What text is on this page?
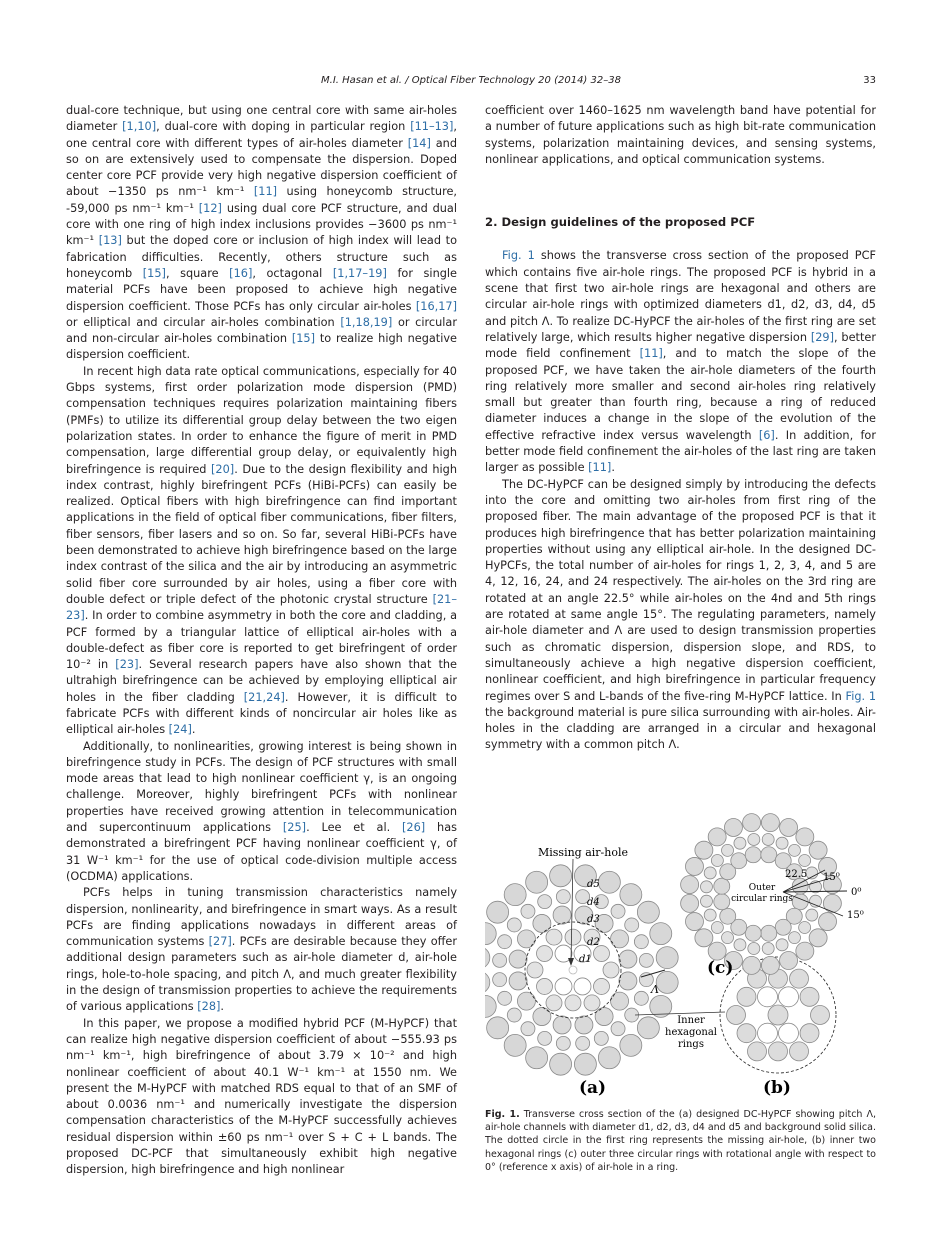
M.I. Hasan et al. / Optical Fiber Technology 20 (2014) 32–38	33

dual-core technique, but using one central core with same air-holes diameter [1,10], dual-core with doping in particular region [11–13], one central core with different types of air-holes diameter [14] and so on are extensively used to compensate the dispersion. Doped center core PCF provide very high negative dispersion coefficient of about −1350 ps nm⁻¹ km⁻¹ [11] using honeycomb structure, -59,000 ps nm⁻¹ km⁻¹ [12] using dual core PCF structure, and dual core with one ring of high index inclusions provides −3600 ps nm⁻¹ km⁻¹ [13] but the doped core or inclusion of high index will lead to fabrication difficulties. Recently, others structure such as honeycomb [15], square [16], octagonal [1,17–19] for single material PCFs have been proposed to achieve high negative dispersion coefficient. Those PCFs has only circular air-holes [16,17] or elliptical and circular air-holes combination [1,18,19] or circular and non-circular air-holes combination [15] to realize high negative dispersion coefficient.

In recent high data rate optical communications, especially for 40 Gbps systems, first order polarization mode dispersion (PMD) compensation techniques requires polarization maintaining fibers (PMFs) to utilize its differential group delay between the two eigen polarization states. In order to enhance the figure of merit in PMD compensation, large differential group delay, or equivalently high birefringence is required [20]. Due to the design flexibility and high index contrast, highly birefringent PCFs (HiBi-PCFs) can easily be realized. Optical fibers with high birefringence can find important applications in the field of optical fiber communications, fiber filters, fiber sensors, fiber lasers and so on. So far, several HiBi-PCFs have been demonstrated to achieve high birefringence based on the large index contrast of the silica and the air by introducing an asymmetric solid fiber core surrounded by air holes, using a fiber core with double defect or triple defect of the photonic crystal structure [21–23]. In order to combine asymmetry in both the core and cladding, a PCF formed by a triangular lattice of elliptical air-holes with a double-defect as fiber core is reported to get birefringent of order 10⁻² in [23]. Several research papers have also shown that the ultrahigh birefringence can be achieved by employing elliptical air holes in the fiber cladding [21,24]. However, it is difficult to fabricate PCFs with different kinds of noncircular air holes like as elliptical air-holes [24].

Additionally, to nonlinearities, growing interest is being shown in birefringence study in PCFs. The design of PCF structures with small mode areas that lead to high nonlinear coefficient γ, is an ongoing challenge. Moreover, highly birefringent PCFs with nonlinear properties have received growing attention in telecommunication and supercontinuum applications [25]. Lee et al. [26] has demonstrated a birefringent PCF having nonlinear coefficient γ, of 31 W⁻¹ km⁻¹ for the use of optical code-division multiple access (OCDMA) applications.

PCFs helps in tuning transmission characteristics namely dispersion, nonlinearity, and birefringence in smart ways. As a result PCFs are finding applications nowadays in different areas of communication systems [27]. PCFs are desirable because they offer additional design parameters such as air-hole diameter d, air-hole rings, hole-to-hole spacing, and pitch Λ, and much greater flexibility in the design of transmission properties to achieve the requirements of various applications [28].

In this paper, we propose a modified hybrid PCF (M-HyPCF) that can realize high negative dispersion coefficient of about −555.93 ps nm⁻¹ km⁻¹, high birefringence of about 3.79 × 10⁻² and high nonlinear coefficient of about 40.1 W⁻¹ km⁻¹ at 1550 nm. We present the M-HyPCF with matched RDS equal to that of an SMF of about 0.0036 nm⁻¹ and numerically investigate the dispersion compensation characteristics of the M-HyPCF successfully achieves residual dispersion within ±60 ps nm⁻¹ over S + C + L bands. The proposed DC-PCF that simultaneously exhibit high negative dispersion, high birefringence and high nonlinear

coefficient over 1460–1625 nm wavelength band have potential for a number of future applications such as high bit-rate communication systems, polarization maintaining devices, and sensing systems, nonlinear applications, and optical communication systems.

2. Design guidelines of the proposed PCF

Fig. 1 shows the transverse cross section of the proposed PCF which contains five air-hole rings. The proposed PCF is hybrid in a scene that first two air-hole rings are hexagonal and others are circular air-hole rings with optimized diameters d1, d2, d3, d4, d5 and pitch Λ. To realize DC-HyPCF the air-holes of the first ring are set relatively large, which results higher negative dispersion [29], better mode field confinement [11], and to match the slope of the proposed PCF, we have taken the air-hole diameters of the fourth ring relatively more smaller and second air-holes ring relatively small but greater than fourth ring, because a ring of reduced diameter induces a change in the slope of the evolution of the effective refractive index versus wavelength [6]. In addition, for better mode field confinement the air-holes of the last ring are taken larger as possible [11].

The DC-HyPCF can be designed simply by introducing the defects into the core and omitting two air-holes from first ring of the proposed fiber. The main advantage of the proposed PCF is that it produces high birefringence that has better polarization maintaining properties without using any elliptical air-hole. In the designed DC-HyPCFs, the total number of air-holes for rings 1, 2, 3, 4, and 5 are 4, 12, 16, 24, and 24 respectively. The air-holes on the 3rd ring are rotated at an angle 22.5° while air-holes on the 4nd and 5th rings are rotated at same angle 15°. The regulating parameters, namely air-hole diameter and Λ are used to design transmission properties such as chromatic dispersion, dispersion slope, and RDS, to simultaneously achieve a high negative dispersion coefficient, nonlinear coefficient, and high birefringence in particular frequency regimes over S and L-bands of the five-ring M-HyPCF lattice. In Fig. 1 the background material is pure silica surrounding with air-holes. Air-holes in the cladding are arranged in a circular and hexagonal symmetry with a common pitch Λ.

Missing air-hole
d5
d4
d3
d2
d1
Λ
Inner
hexagonal
rings
(a)	(b)
(c)
Outer
circular rings
22.5 15⁰
0⁰
15⁰
Fig. 1. Transverse cross section of the (a) designed DC-HyPCF showing pitch Λ, air-hole channels with diameter d1, d2, d3, d4 and d5 and background solid silica. The dotted circle in the first ring represents the missing air-hole, (b) inner two hexagonal rings (c) outer three circular rings with rotational angle with respect to 0° (reference x axis) of air-hole in a ring.
